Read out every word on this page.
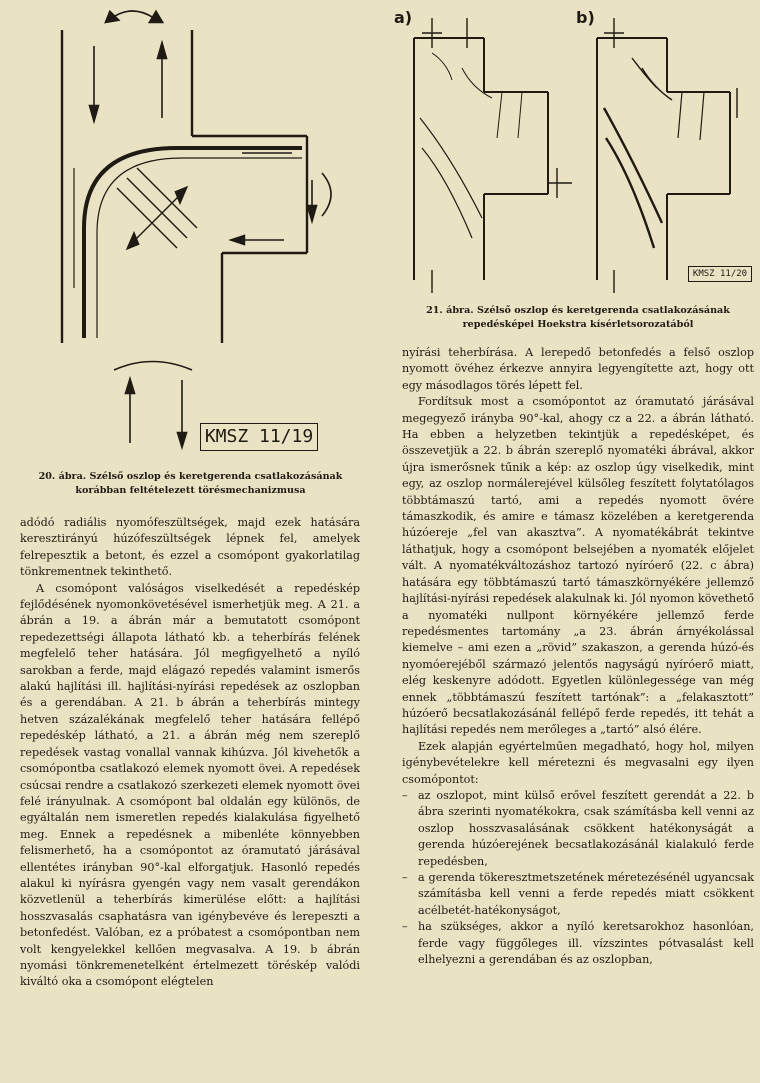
KMSZ 11/19
20. ábra. Szélső oszlop és keretgerenda csatlakozásának korábban feltételezett törésmechanizmusa
a)	b)
KMSZ 11/20
21. ábra. Szélső oszlop és keretgerenda csatlakozásának repedésképei Hoekstra kísérletsorozatából

adódó radiális nyomófeszültségek, majd ezek hatására keresztirányú húzófeszültségek lépnek fel, amelyek felrepesztik a betont, és ezzel a csomópont gyakorlatilag tönkrementnek tekinthető.

A csomópont valóságos viselkedését a repedéskép fejlődésének nyomonkövetésével ismerhetjük meg. A 21. a ábrán a 19. a ábrán már a bemutatott csomópont repedezettségi állapota látható kb. a teherbírás felének megfelelő teher hatására. Jól megfigyelhető a nyíló sarokban a ferde, majd elágazó repedés valamint ismerős alakú hajlítási ill. hajlítási-nyírási repedések az oszlopban és a gerendában. A 21. b ábrán a teherbírás mintegy hetven százalékának megfelelő teher hatására fellépő repedéskép látható, a 21. a ábrán még nem szereplő repedések vastag vonallal vannak kihúzva. Jól kivehetők a csomópontba csatlakozó elemek nyomott övei. A repedések csúcsai rendre a csatlakozó szerkezeti elemek nyomott övei felé irányulnak. A csomópont bal oldalán egy különös, de egyáltalán nem ismeretlen repedés kialakulása figyelhető meg. Ennek a repedésnek a mibenléte könnyebben felismerhető, ha a csomópontot az óramutató járásával ellentétes irányban 90°-kal elforgatjuk. Hasonló repedés alakul ki nyírásra gyengén vagy nem vasalt gerendákon közvetlenül a teherbírás kimerülése előtt: a hajlítási hosszvasalás csaphatásra van igénybevéve és lerepeszti a betonfedést. Valóban, ez a próbatest a csomópontban nem volt kengyelekkel kellően megvasalva. A 19. b ábrán nyomási tönkremenetelként értelmezett töréskép valódi kiváltó oka a csomópont elégtelen

nyírási teherbírása. A lerepedő betonfedés a felső oszlop nyomott övéhez érkezve annyira legyengítette azt, hogy ott egy másodlagos törés lépett fel.

Fordítsuk most a csomópontot az óramutató járásával megegyező irányba 90°-kal, ahogy cz a 22. a ábrán látható. Ha ebben a helyzetben tekintjük a repedésképet, és összevetjük a 22. b ábrán szereplő nyomatéki ábrával, akkor újra ismerősnek tűnik a kép: az oszlop úgy viselkedik, mint egy, az oszlop normálerejével külsőleg feszített folytatólagos többtámaszú tartó, ami a repedés nyomott övére támaszkodik, és amire e támasz közelében a keretgerenda húzóereje „fel van akasztva”. A nyomatékábrát tekintve láthatjuk, hogy a csomópont belsejében a nyomaték előjelet vált. A nyomatékváltozáshoz tartozó nyíróerő (22. c ábra) hatására egy többtámaszú tartó támaszkörnyékére jellemző hajlítási-nyírási repedések alakulnak ki. Jól nyomon követhető a nyomatéki nullpont környékére jellemző ferde repedésmentes tartomány „a 23. ábrán árnyékolással kiemelve – ami ezen a „rövid” szakaszon, a gerenda húzó-és nyomóerejéből származó jelentős nagyságú nyíróerő miatt, elég keskenyre adódott. Egyetlen különlegessége van még ennek „többtámaszú feszített tartónak”: a „felakasztott” húzóerő becsatlakozásánál fellépő ferde repedés, itt tehát a hajlítási repedés nem merőleges a „tartó” alsó élére.

Ezek alapján egyértelműen megadható, hogy hol, milyen igénybevételekre kell méretezni és megvasalni egy ilyen csomópontot:

– az oszlopot, mint külső erővel feszített gerendát a 22. b ábra szerinti nyomatékokra, csak számításba kell venni az oszlop hosszvasalásának csökkent hatékonyságát a gerenda húzóerejének becsatlakozásánál kialakuló ferde repedésben,
– a gerenda tökeresztmetszetének méretezésénél ugyancsak számításba kell venni a ferde repedés miatt csökkent acélbetét-hatékonyságot,
– ha szükséges, akkor a nyíló keretsarokhoz hasonlóan, ferde vagy függőleges ill. vízszintes pótvasalást kell elhelyezni a gerendában és az oszlopban,
